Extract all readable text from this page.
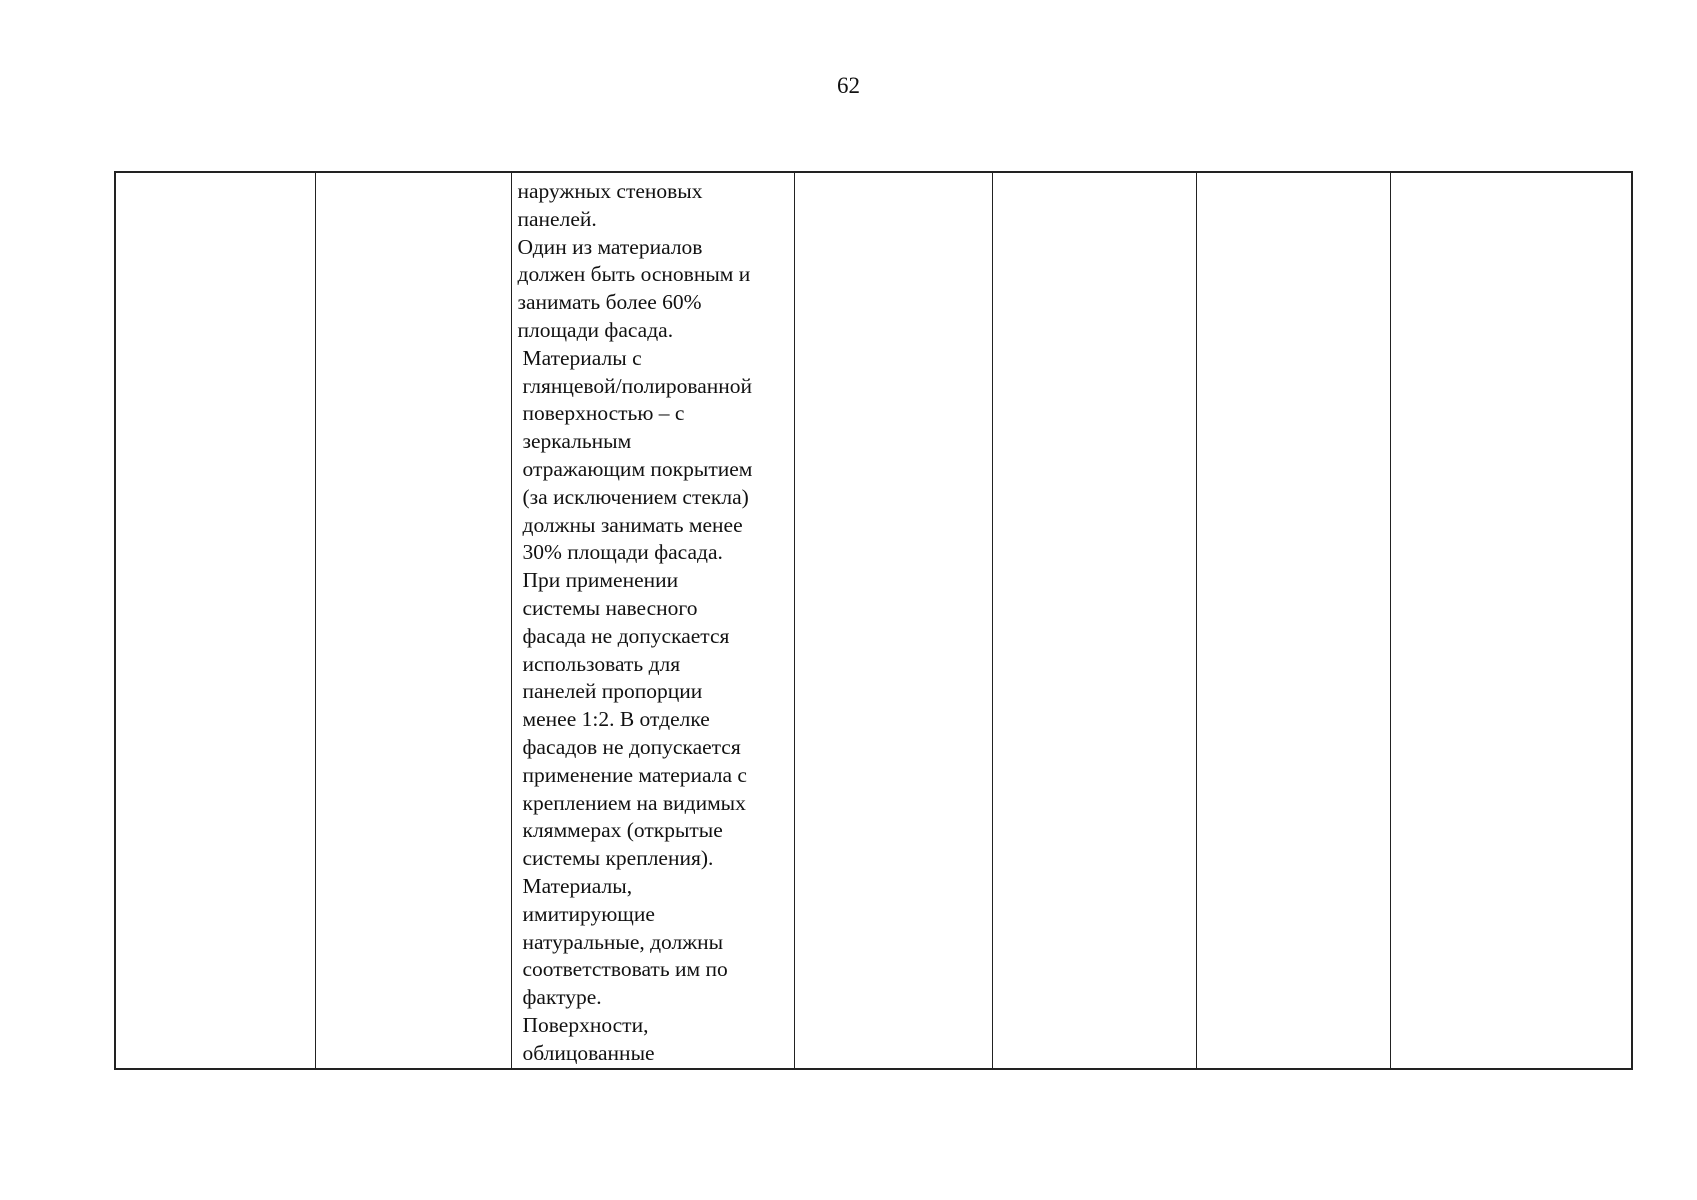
62

наружных стеновых
панелей.

Один из материалов
должен быть основным и
занимать более 60%
площади фасада.

Материалы с
глянцевой/полированной
поверхностью – с
зеркальным
отражающим покрытием
(за исключением стекла)
должны занимать менее
30% площади фасада.

При применении
системы навесного
фасада не допускается
использовать для
панелей пропорции
менее 1:2. В отделке
фасадов не допускается
применение материала с
креплением на видимых
кляммерах (открытые
системы крепления).

Материалы,
имитирующие
натуральные, должны
соответствовать им по
фактуре.

Поверхности,
облицованные
